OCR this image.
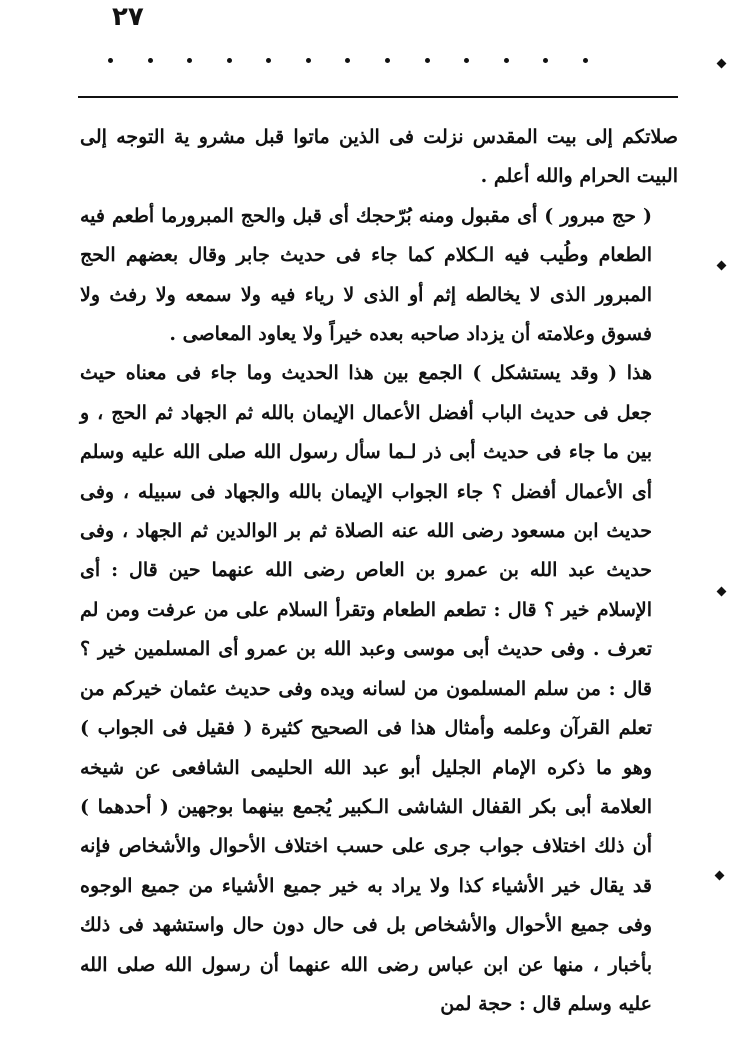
٢٧

صلاتكم إلى بيت المقدس نزلت فى الذين ماتوا قبل مشرو ية التوجه إلى البيت الحرام والله أعلم .

( حج مبرور ) أى مقبول ومنه بُرّحجك أى قبل والحج المبرورما أطعم فيه الطعام وطُيب فيه الـكلام كما جاء فى حديث جابر وقال بعضهم الحج المبرور الذى لا يخالطه إثم أو الذى لا رياء فيه ولا سمعه ولا رفث ولا فسوق وعلامته أن يزداد صاحبه بعده خيراً ولا يعاود المعاصى .

هذا ( وقد يستشكل ) الجمع بين هذا الحديث وما جاء فى معناه حيث جعل فى حديث الباب أفضل الأعمال الإيمان بالله ثم الجهاد ثم الحج ، و بين ما جاء فى حديث أبى ذر لـما سأل رسول الله صلى الله عليه وسلم أى الأعمال أفضل ؟ جاء الجواب الإيمان بالله والجهاد فى سبيله ، وفى حديث ابن مسعود رضى الله عنه الصلاة ثم بر الوالدين ثم الجهاد ، وفى حديث عبد الله بن عمرو بن العاص رضى الله عنهما حين قال : أى الإسلام خير ؟ قال : تطعم الطعام وتقرأ السلام على من عرفت ومن لم تعرف . وفى حديث أبى موسى وعبد الله بن عمرو أى المسلمين خير ؟ قال : من سلم المسلمون من لسانه ويده وفى حديث عثمان خيركم من تعلم القرآن وعلمه وأمثال هذا فى الصحيح كثيرة ( فقيل فى الجواب ) وهو ما ذكره الإمام الجليل أبو عبد الله الحليمى الشافعى عن شيخه العلامة أبى بكر القفال الشاشى الـكبير يُجمع بينهما بوجهين ( أحدهما ) أن ذلك اختلاف جواب جرى على حسب اختلاف الأحوال والأشخاص فإنه قد يقال خير الأشياء كذا ولا يراد به خير جميع الأشياء من جميع الوجوه وفى جميع الأحوال والأشخاص بل فى حال دون حال واستشهد فى ذلك بأخبار ، منها عن ابن عباس رضى الله عنهما أن رسول الله صلى الله عليه وسلم قال : حجة لمن
